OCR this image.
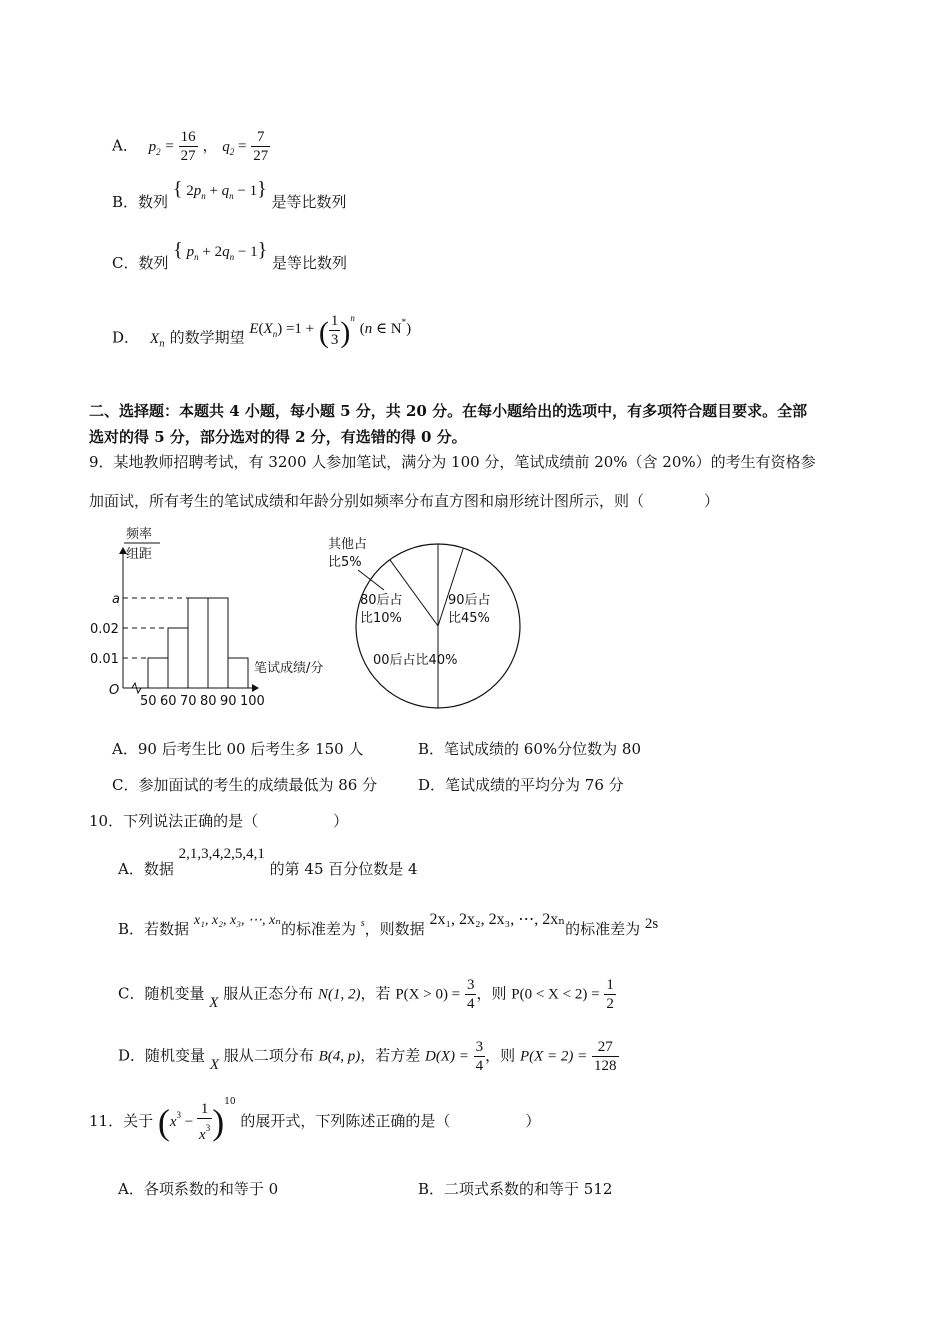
A． $p_2 = \frac{16}{27}$ ， $q_2 = \frac{7}{27}$
B．数列 { $2p_n + q_n - 1$} 是等比数列
C．数列 { $p_n + 2q_n - 1$} 是等比数列
D． $X_n$ 的数学期望 $E(X_n) =1$ + ( $\frac{1}{3} )^n$ (n ∈ N*)
二、选择题：本题共 4 小题，每小题 5 分，共 20 分。在每小题给出的选项中，有多项符合题目要求。全部
选对的得 5 分，部分选对的得 2 分，有选错的得 0 分。
9．某地教师招聘考试，有 3200 人参加笔试，满分为 100 分，笔试成绩前 20%（含 20%）的考生有资格参
加面试，所有考生的笔试成绩和年龄分别如频率分布直方图和扇形统计图所示，则（　　　　）
频率
组距
O
笔试成绩/分
0.01
0.02
a
50 60 70 80 90 100
其他占
比5%
80后占
比10%
90后占
比45%
00后占比40%
A．90 后考生比 00 后考生多 150 人	B．笔试成绩的 60%分位数为 80
C．参加面试的考生的成绩最低为 86 分	D．笔试成绩的平均分为 76 分
10．下列说法正确的是（　　　　　）
A．数据 2,1,3,4,2,5,4,1 的第 45 百分位数是 4
B．若数据 x₁, x₂, x₃, ⋯, xₙ的标准差为 $^s$，则数据 2x₁, 2x₂, 2x₃, ⋯, 2xₙ的标准差为 2s
C．随机变量 X 服从正态分布 N(1, 2)，若 $P(X > 0) = \frac{3}{4}$ ，则 $P(0 < X < 2) = \frac{1}{2}$
D．随机变量 X 服从二项分布 B(4, p)，若方差 $D(X) = \frac{3}{4}$ ，则 $P(X = 2) = \frac{27}{128}$
11．关于 $(x^3 - \frac{1}{x^3} )^{10}$ 的展开式，下列陈述正确的是（　　　　　）
A．各项系数的和等于 0	B．二项式系数的和等于 512
